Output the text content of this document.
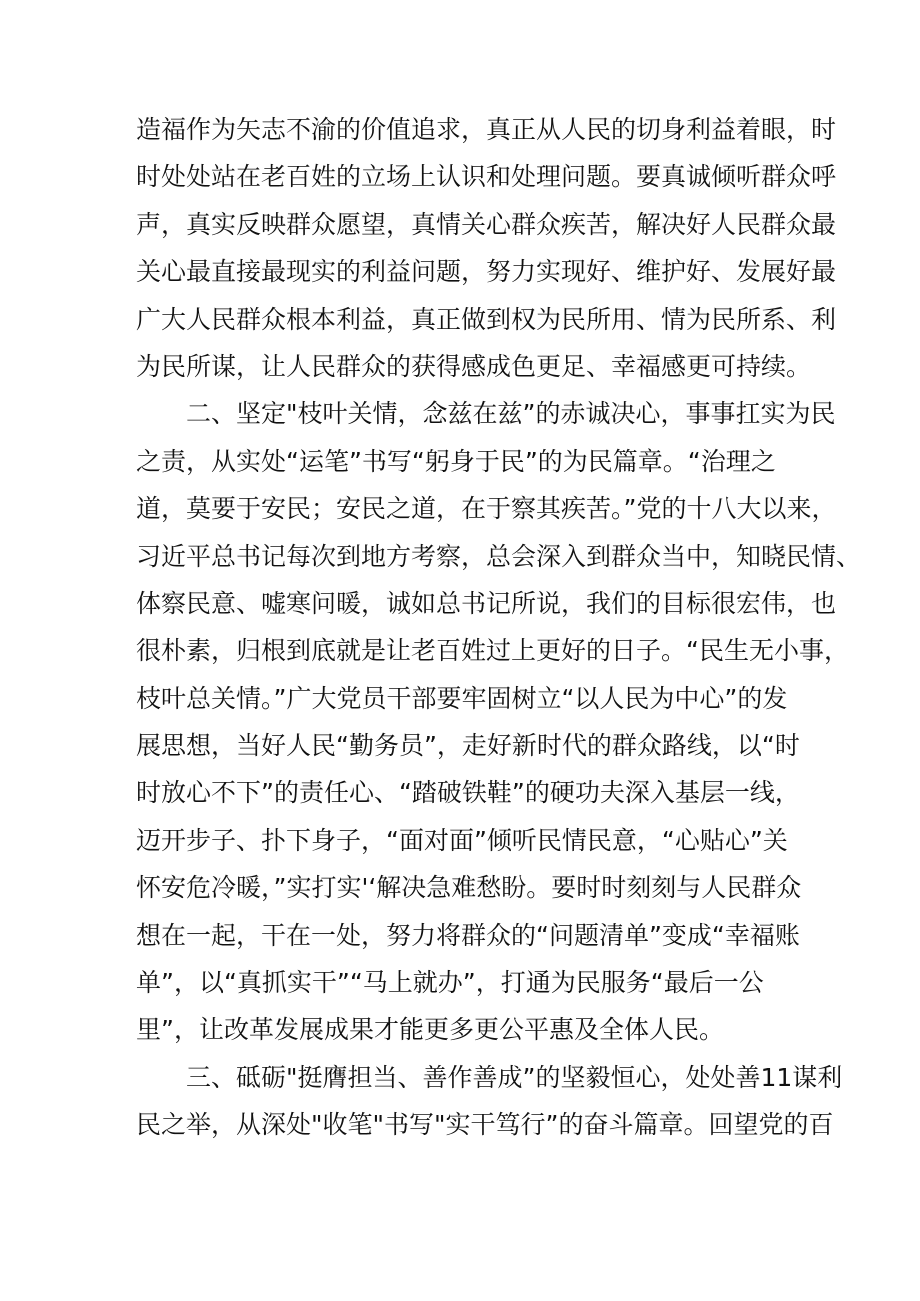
造福作为矢志不渝的价值追求，真正从人民的切身利益着眼，时
时处处站在老百姓的立场上认识和处理问题。要真诚倾听群众呼
声，真实反映群众愿望，真情关心群众疾苦，解决好人民群众最
关心最直接最现实的利益问题，努力实现好、维护好、发展好最
广大人民群众根本利益，真正做到权为民所用、情为民所系、利
为民所谋，让人民群众的获得感成色更足、幸福感更可持续。
二、坚定"枝叶关情，念兹在兹”的赤诚决心，事事扛实为民
之责，从实处“运笔”书写“躬身于民”的为民篇章。“治理之
道，莫要于安民；安民之道，在于察其疾苦。”党的十八大以来，
习近平总书记每次到地方考察，总会深入到群众当中，知晓民情、
体察民意、嘘寒问暖，诚如总书记所说，我们的目标很宏伟，也
很朴素，归根到底就是让老百姓过上更好的日子。“民生无小事，
枝叶总关情。”广大党员干部要牢固树立“以人民为中心”的发
展思想，当好人民“勤务员”，走好新时代的群众路线，以“时
时放心不下”的责任心、“踏破铁鞋”的硬功夫深入基层一线，
迈开步子、扑下身子，“面对面”倾听民情民意，“心贴心”关
怀安危冷暖，”实打实'‘解决急难愁盼。要时时刻刻与人民群众
想在一起，干在一处，努力将群众的“问题清单”变成“幸福账
单”，以“真抓实干”“马上就办”，打通为民服务“最后一公
里”，让改革发展成果才能更多更公平惠及全体人民。
三、砥砺"挺膺担当、善作善成”的坚毅恒心，处处善11谋利
民之举，从深处"收笔"书写"实干笃行”的奋斗篇章。回望党的百
